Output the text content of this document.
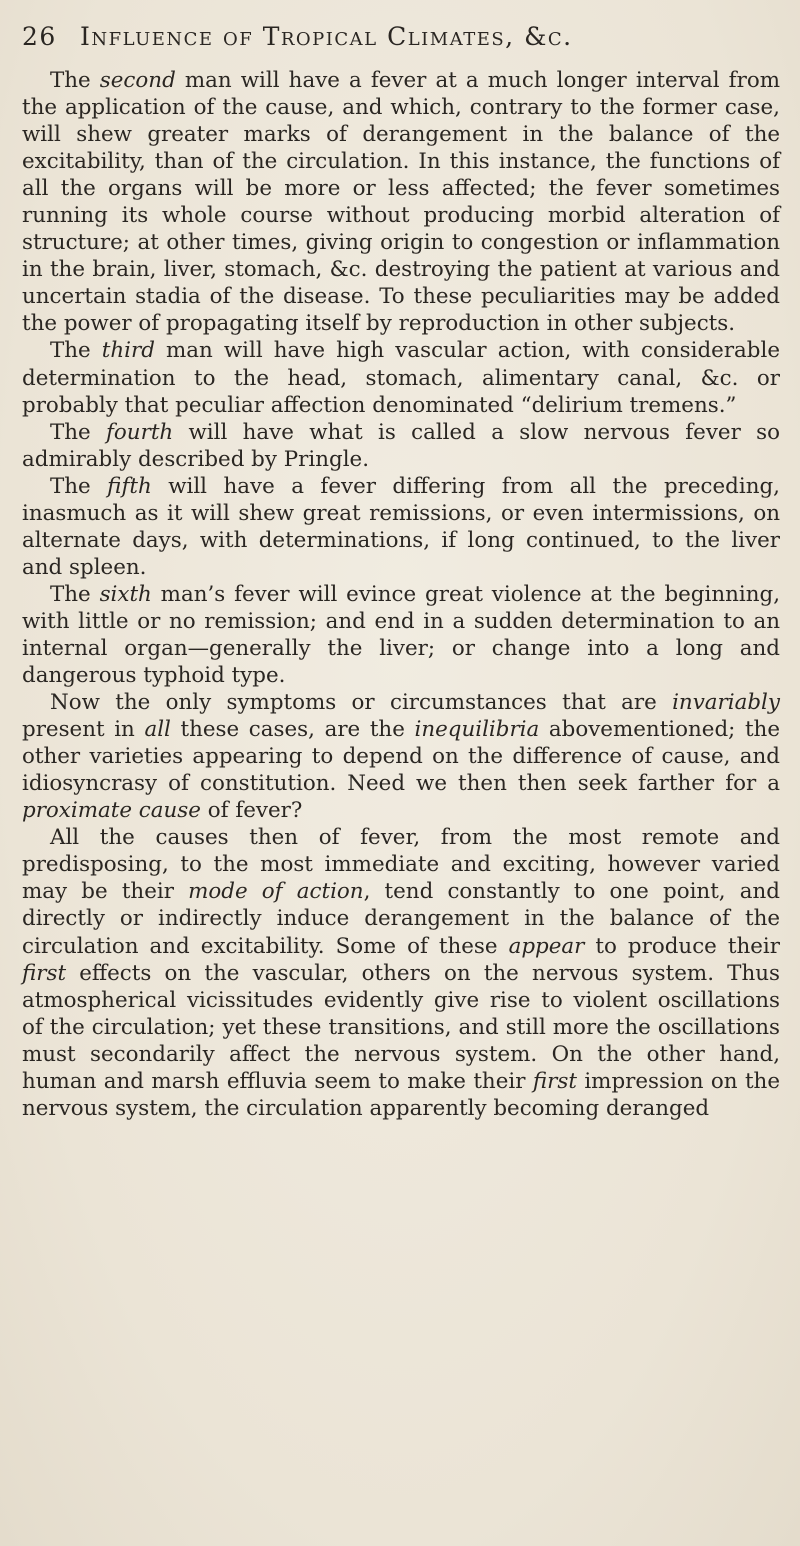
26 Influence of Tropical Climates, &c.

The second man will have a fever at a much longer interval from the application of the cause, and which, contrary to the former case, will shew greater marks of derangement in the balance of the excitability, than of the circulation. In this instance, the functions of all the organs will be more or less affected; the fever sometimes running its whole course without producing morbid alteration of structure; at other times, giving origin to congestion or inflammation in the brain, liver, stomach, &c. destroying the patient at various and uncertain stadia of the disease. To these peculiarities may be added the power of propagating itself by reproduction in other subjects.

The third man will have high vascular action, with considerable determination to the head, stomach, alimentary canal, &c. or probably that peculiar affection denominated “delirium tremens.”

The fourth will have what is called a slow nervous fever so admirably described by Pringle.

The fifth will have a fever differing from all the preceding, inasmuch as it will shew great remissions, or even intermissions, on alternate days, with determinations, if long continued, to the liver and spleen.

The sixth man’s fever will evince great violence at the beginning, with little or no remission; and end in a sudden determination to an internal organ—generally the liver; or change into a long and dangerous typhoid type.

Now the only symptoms or circumstances that are invariably present in all these cases, are the inequilibria abovementioned; the other varieties appearing to depend on the difference of cause, and idiosyncrasy of constitution. Need we then then seek farther for a proximate cause of fever?

All the causes then of fever, from the most remote and predisposing, to the most immediate and exciting, however varied may be their mode of action, tend constantly to one point, and directly or indirectly induce derangement in the balance of the circulation and excitability. Some of these appear to produce their first effects on the vascular, others on the nervous system. Thus atmospherical vicissitudes evidently give rise to violent oscillations of the circulation; yet these transitions, and still more the oscillations must secondarily affect the nervous system. On the other hand, human and marsh effluvia seem to make their first impression on the nervous system, the circulation apparently becoming deranged
